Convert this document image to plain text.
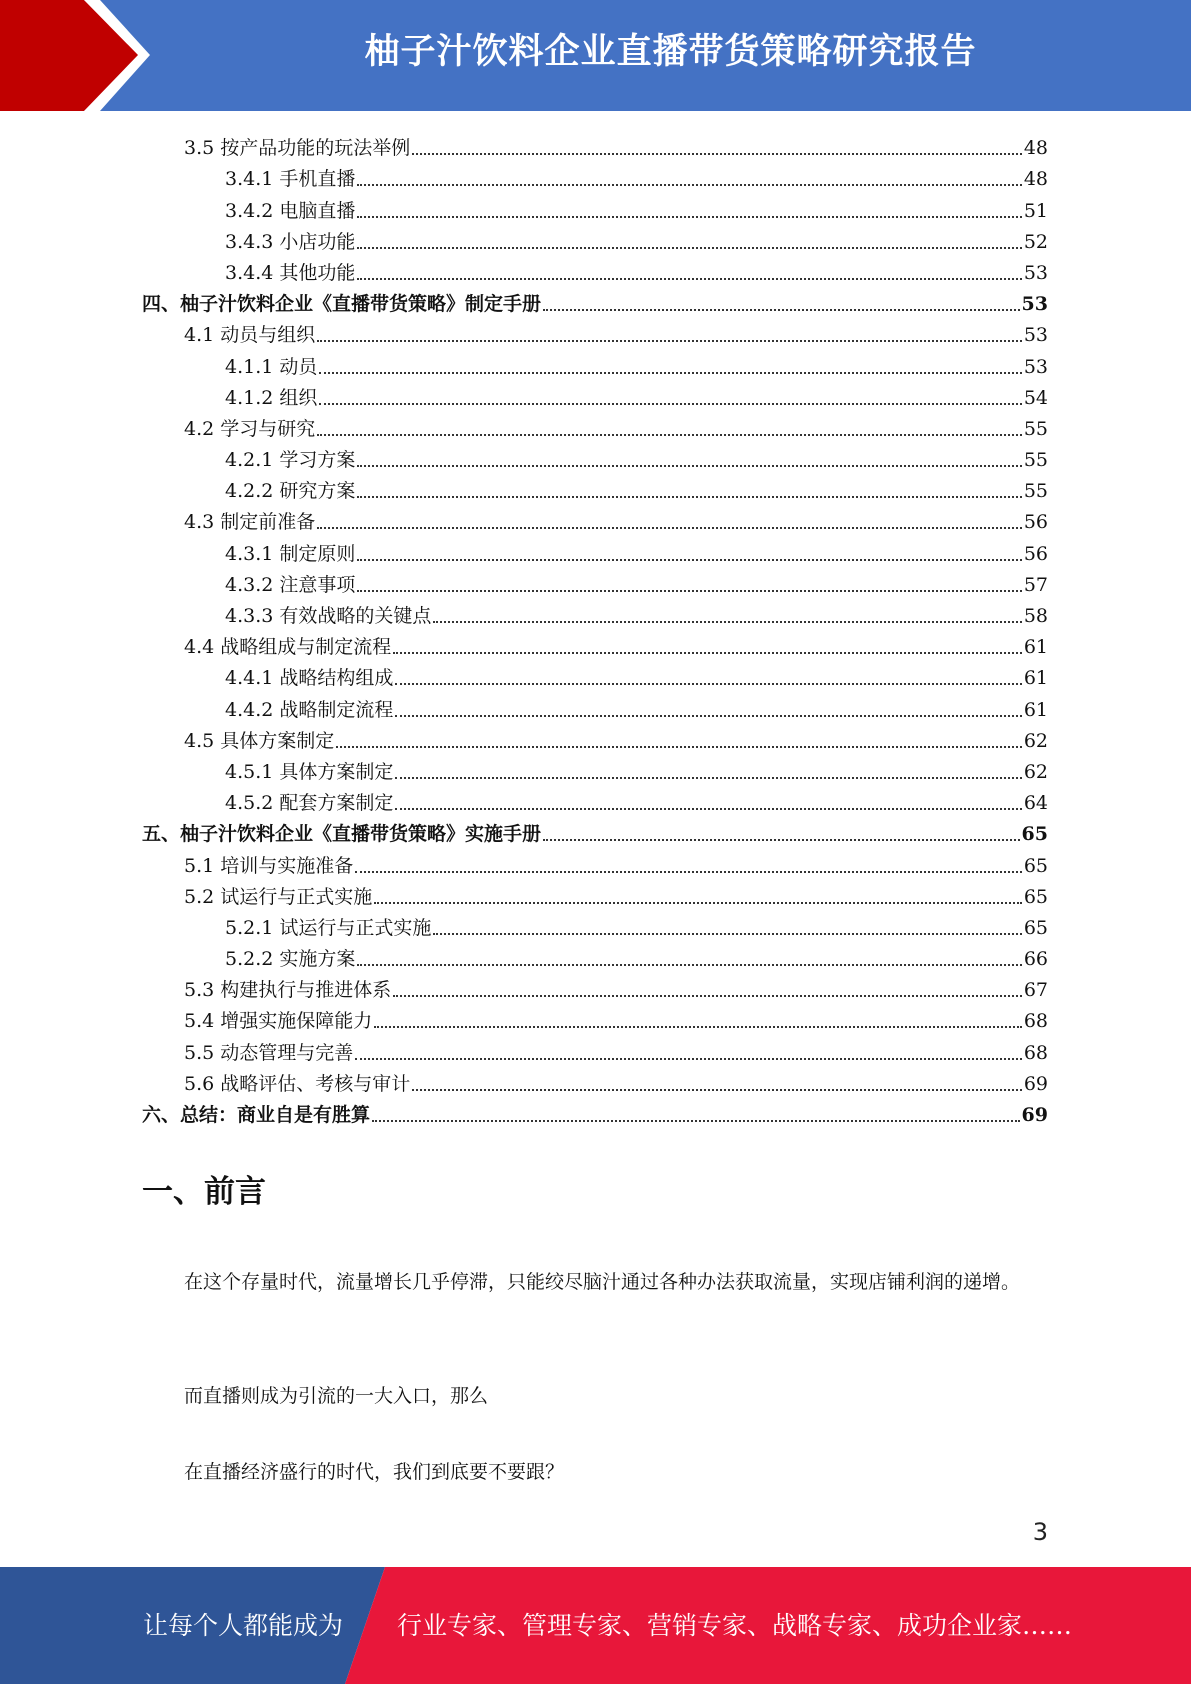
柚子汁饮料企业直播带货策略研究报告
3.5 按产品功能的玩法举例	48
3.4.1 手机直播	48
3.4.2 电脑直播	51
3.4.3 小店功能	52
3.4.4 其他功能	53
四、柚子汁饮料企业《直播带货策略》制定手册	53
4.1 动员与组织	53
4.1.1 动员	53
4.1.2 组织	54
4.2 学习与研究	55
4.2.1 学习方案	55
4.2.2 研究方案	55
4.3 制定前准备	56
4.3.1 制定原则	56
4.3.2 注意事项	57
4.3.3 有效战略的关键点	58
4.4 战略组成与制定流程	61
4.4.1 战略结构组成	61
4.4.2 战略制定流程	61
4.5 具体方案制定	62
4.5.1 具体方案制定	62
4.5.2 配套方案制定	64
五、柚子汁饮料企业《直播带货策略》实施手册	65
5.1 培训与实施准备	65
5.2 试运行与正式实施	65
5.2.1 试运行与正式实施	65
5.2.2 实施方案	66
5.3 构建执行与推进体系	67
5.4 增强实施保障能力	68
5.5 动态管理与完善	68
5.6 战略评估、考核与审计	69
六、总结：商业自是有胜算	69
一、前言

在这个存量时代，流量增长几乎停滞，只能绞尽脑汁通过各种办法获取流量，实现店铺利润的递增。

而直播则成为引流的一大入口，那么

在直播经济盛行的时代，我们到底要不要跟？

3
让每个人都能成为 行业专家、管理专家、营销专家、战略专家、成功企业家……
